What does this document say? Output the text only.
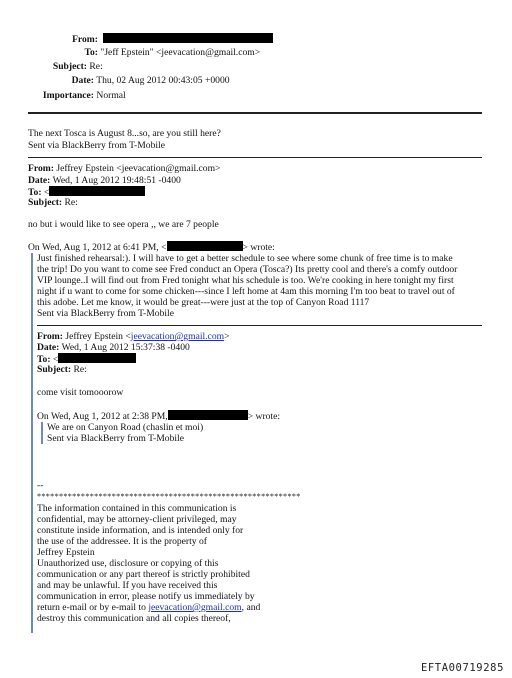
From:
To: "Jeff Epstein" <jeevacation@gmail.com>
Subject: Re:
Date: Thu, 02 Aug 2012 00:43:05 +0000
Importance: Normal
The next Tosca is August 8...so, are you still here?
Sent via BlackBerry from T-Mobile
From: Jeffrey Epstein <jeevacation@gmail.com>
Date: Wed, 1 Aug 2012 19:48:51 -0400
To: <
Subject: Re:
no but i would like to see opera ,, we are 7 people
On Wed, Aug 1, 2012 at 6:41 PM, <	> wrote:
Just finished rehearsal:). I will have to get a better schedule to see where some chunk of free time is to make
the trip! Do you want to come see Fred conduct an Opera (Tosca?) Its pretty cool and there's a comfy outdoor
VIP lounge..I will find out from Fred tonight what his schedule is too. We're cooking in here tonight my first
night if u want to come for some chicken---since I left home at 4am this morning I'm too beat to travel out of
this adobe. Let me know, it would be great---were just at the top of Canyon Road 1117
Sent via BlackBerry from T-Mobile
From: Jeffrey Epstein <jeevacation@gmail.com>
Date: Wed, 1 Aug 2012 15:37:38 -0400
To: <
Subject: Re:
come visit tomooorow
On Wed, Aug 1, 2012 at 2:38 PM,	> wrote:
We are on Canyon Road (chaslin et moi)
Sent via BlackBerry from T-Mobile
--
************************************************************
The information contained in this communication is
confidential, may be attorney-client privileged, may
constitute inside information, and is intended only for
the use of the addressee. It is the property of
Jeffrey Epstein
Unauthorized use, disclosure or copying of this
communication or any part thereof is strictly prohibited
and may be unlawful. If you have received this
communication in error, please notify us immediately by
return e-mail or by e-mail to jeevacation@gmail.com, and
destroy this communication and all copies thereof,
EFTA00719285
